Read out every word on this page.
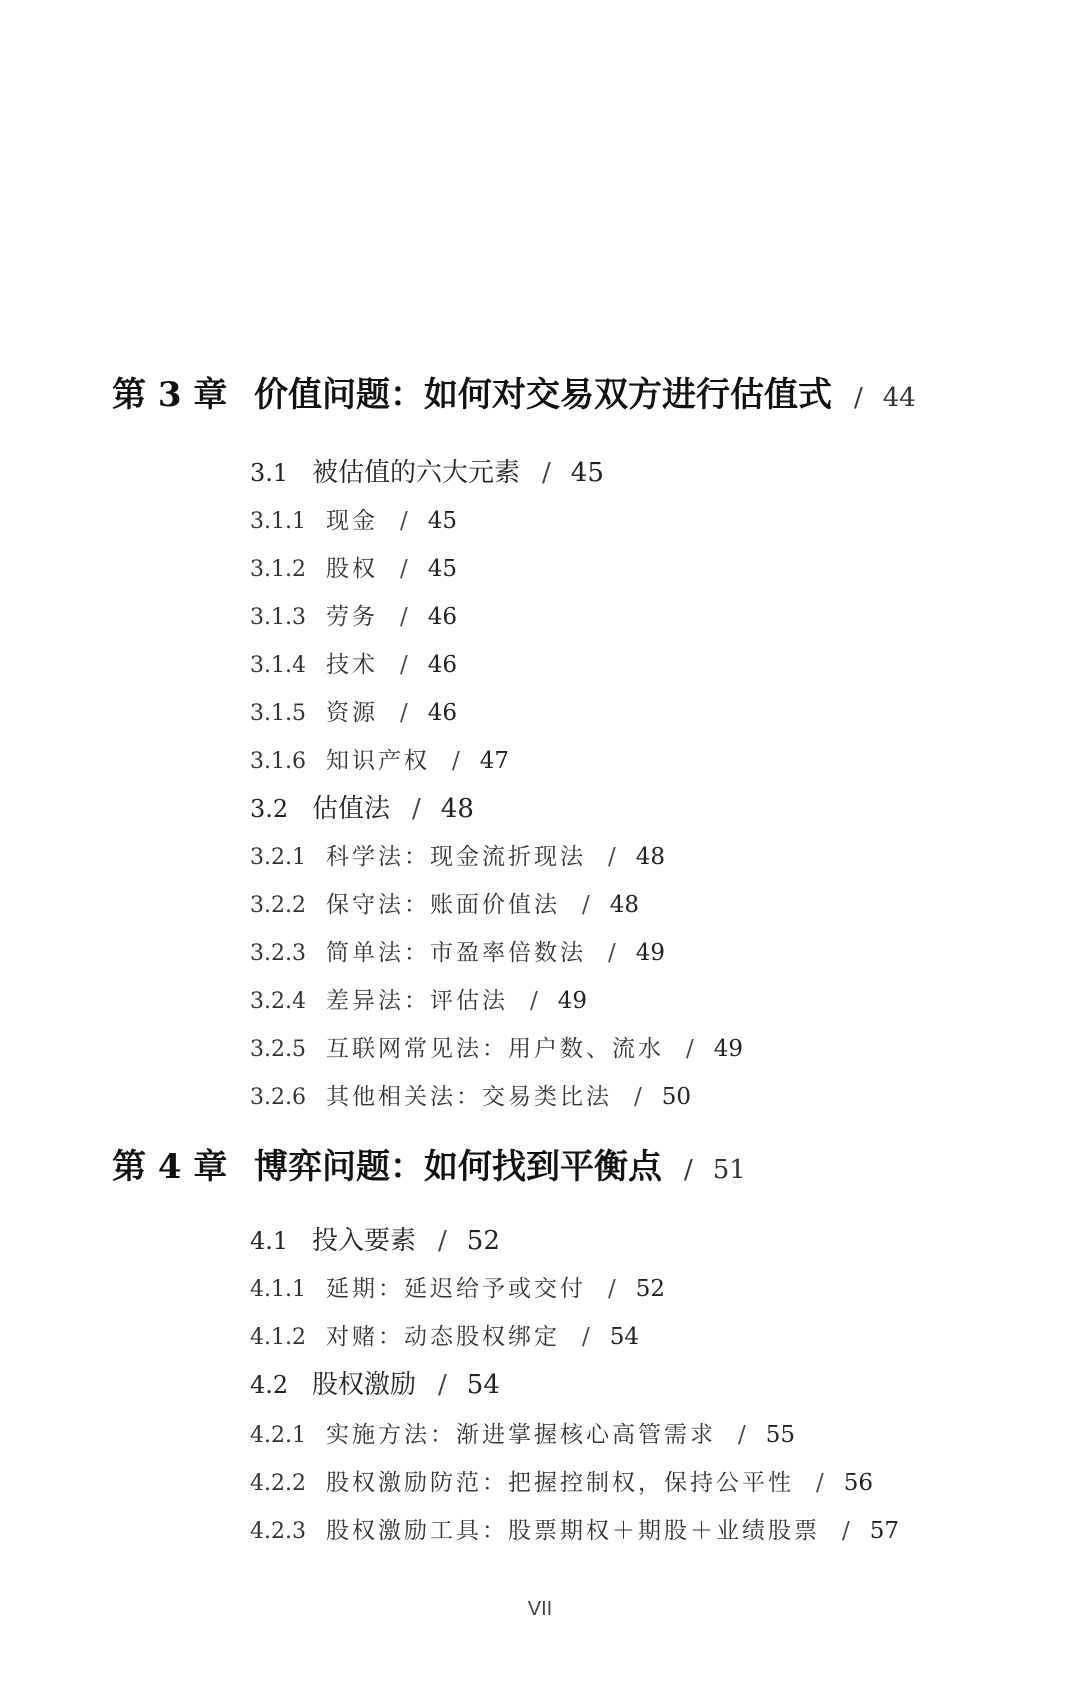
第 3 章 价值问题：如何对交易双方进行估值式 / 44
3.1 被估值的六大元素 / 45
3.1.1 现金 / 45
3.1.2 股权 / 45
3.1.3 劳务 / 46
3.1.4 技术 / 46
3.1.5 资源 / 46
3.1.6 知识产权 / 47
3.2 估值法 / 48
3.2.1 科学法：现金流折现法 / 48
3.2.2 保守法：账面价值法 / 48
3.2.3 简单法：市盈率倍数法 / 49
3.2.4 差异法：评估法 / 49
3.2.5 互联网常见法：用户数、流水 / 49
3.2.6 其他相关法：交易类比法 / 50
第 4 章 博弈问题：如何找到平衡点 / 51
4.1 投入要素 / 52
4.1.1 延期：延迟给予或交付 / 52
4.1.2 对赌：动态股权绑定 / 54
4.2 股权激励 / 54
4.2.1 实施方法：渐进掌握核心高管需求 / 55
4.2.2 股权激励防范：把握控制权，保持公平性 / 56
4.2.3 股权激励工具：股票期权＋期股＋业绩股票 / 57
VII
